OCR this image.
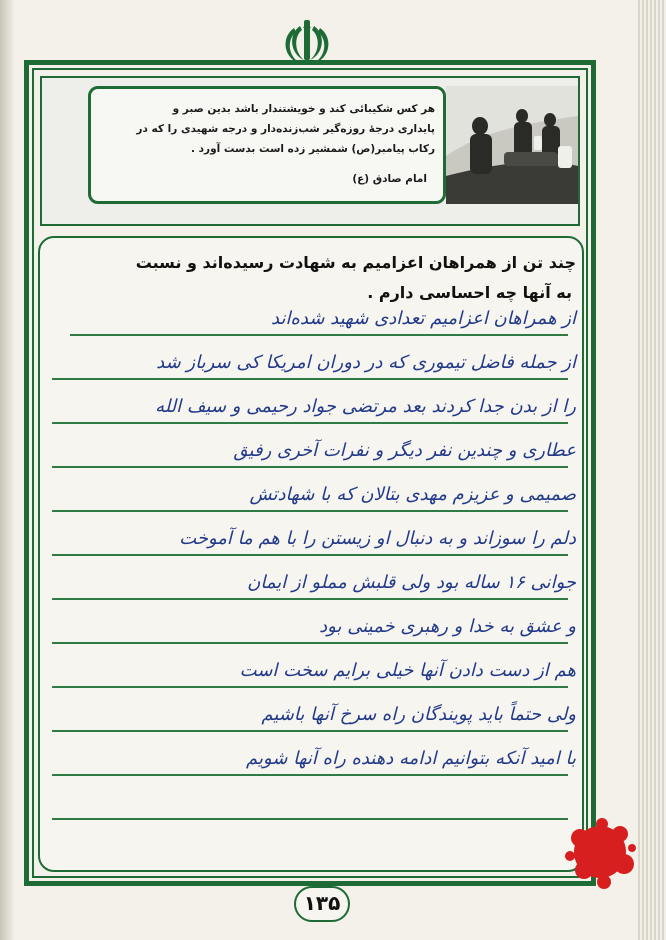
هر کس شکیبائی کند و خویشتندار باشد بدین صبر و
پایداری درجهٔ روزه‌گیر شب‌زنده‌دار و درجه شهیدی را که در
رکاب پیامبر(ص) شمشیر زده است بدست آورد .
امام صادق (ع)
چند تن از همراهان اعزامیم به شهادت رسیده‌اند و نسبت
به آنها چه احساسی دارم .
از همراهان اعزامیم تعدادی شهید شده‌اند
از جمله فاضل تیموری که در دوران امریکا کی سرباز شد
را از بدن جدا کردند بعد مرتضی جواد رحیمی و سیف الله
عطاری و چندین نفر دیگر و نفرات آخری رفیق
صمیمی و عزیزم مهدی بتالان که با شهادتش
دلم را سوزاند و به دنبال او زیستن را با هم ما آموخت
جوانی ۱۶ ساله بود ولی قلبش مملو از ایمان
و عشق به خدا و رهبری خمینی بود
هم از دست دادن آنها خیلی برایم سخت است
ولی حتماً باید پویندگان راه سرخ آنها باشیم
با امید آنکه بتوانیم ادامه دهنده راه آنها شویم
۱۳۵
